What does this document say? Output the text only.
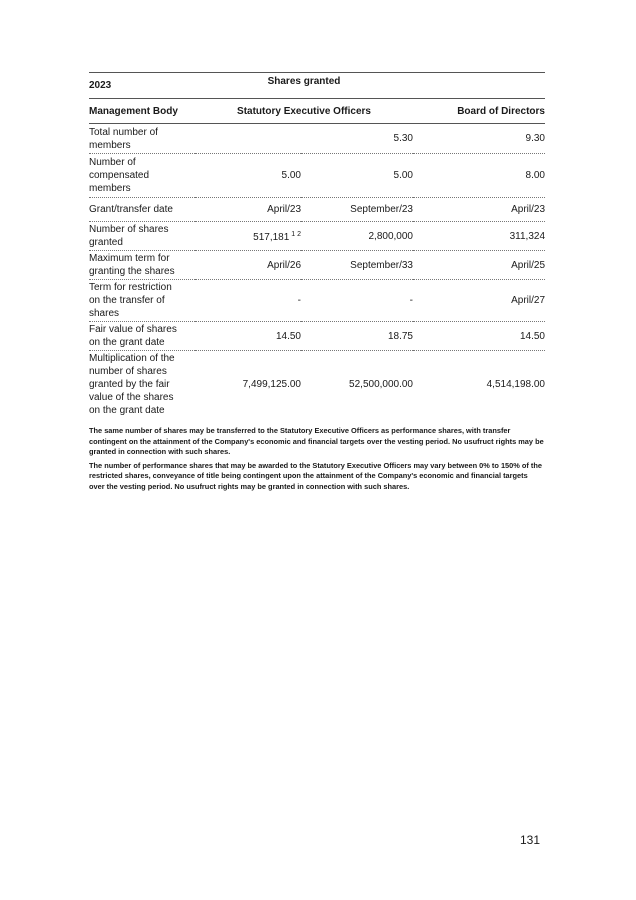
2023	Shares granted		
Management Body	Statutory Executive Officers		Board of Directors
Total number of
members		5.30	9.30
Number of
compensated
members	5.00	5.00	8.00
Grant/transfer date	April/23	September/23	April/23
Number of shares
granted	517,181 $^{1 2}$	2,800,000	311,324
Maximum term for
granting the shares	April/26	September/33	April/25
Term for restriction
on the transfer of
shares	-	-	April/27
Fair value of shares
on the grant date	14.50	18.75	14.50
Multiplication of the
number of shares
granted by the fair
value of the shares
on the grant date	7,499,125.00	52,500,000.00	4,514,198.00

The same number of shares may be transferred to the Statutory Executive Officers as performance shares, with transfer contingent on the attainment of the Company's economic and financial targets over the vesting period. No usufruct rights may be granted in connection with such shares.

The number of performance shares that may be awarded to the Statutory Executive Officers may vary between 0% to 150% of the restricted shares, conveyance of title being contingent upon the attainment of the Company's economic and financial targets over the vesting period. No usufruct rights may be granted in connection with such shares.

131
